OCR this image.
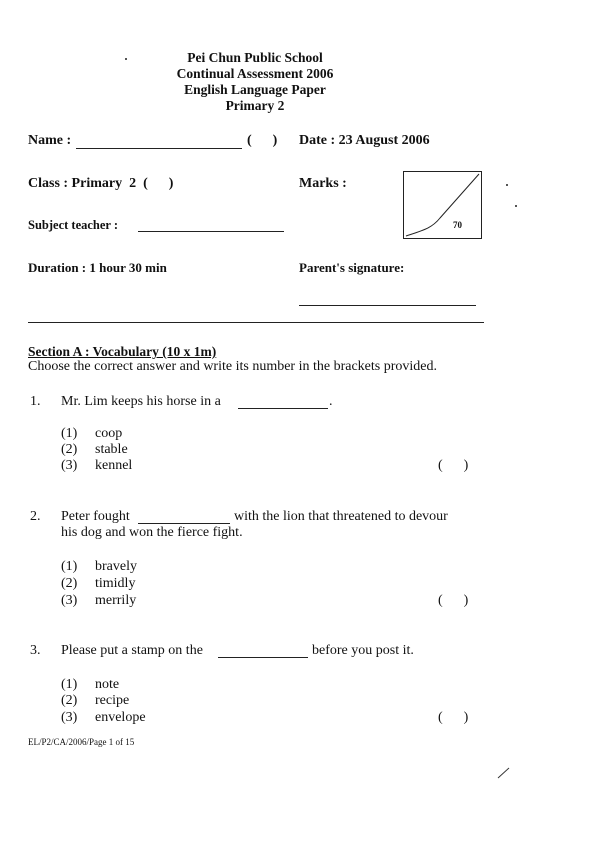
Pei Chun Public School
Continual Assessment 2006
English Language Paper
Primary 2
Name :	(      ) Date : 23 August 2006
Class : Primary  2  (      )	Marks :
70
Subject teacher :
Duration : 1 hour 30 min	Parent's signature:
Section A : Vocabulary (10 x 1m)
Choose the correct answer and write its number in the brackets provided.
1. Mr. Lim keeps his horse in a	.
(1) coop
(2) stable
(3) kennel	(      )
2. Peter fought	with the lion that threatened to devour
his dog and won the fierce fight.
(1) bravely
(2) timidly
(3) merrily	(      )
3. Please put a stamp on the	before you post it.
(1) note
(2) recipe
(3) envelope	(      )
EL/P2/CA/2006/Page 1 of 15
